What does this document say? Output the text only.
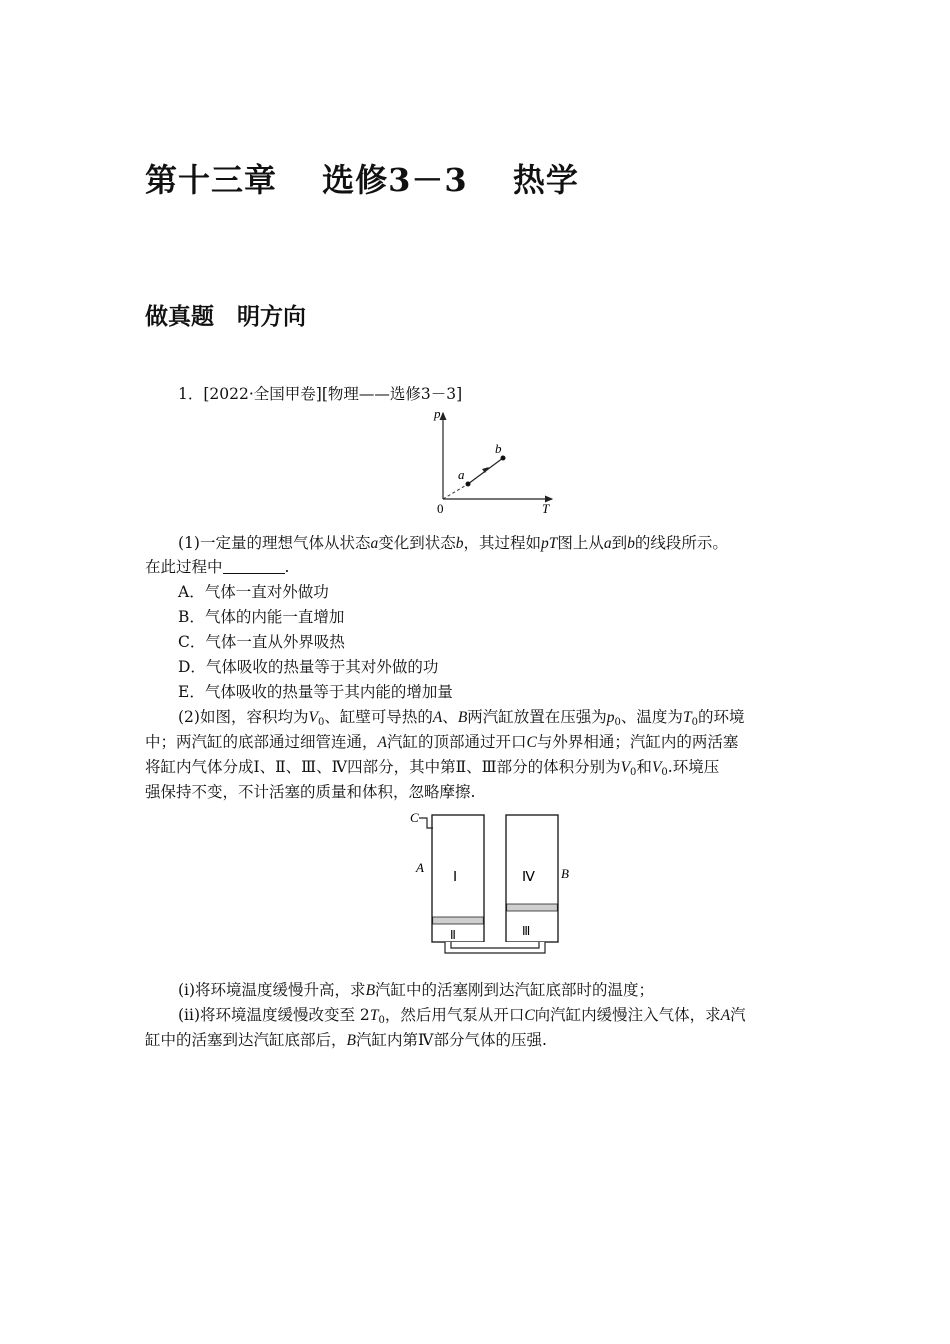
第十三章　 选修3－3　 热学
做真题　明方向
1．[2022·全国甲卷][物理——选修3－3]
p
T
0
a
b
(1)一定量的理想气体从状态a变化到状态b，其过程如pT图上从a到b的线段所示。
在此过程中	.
A．气体一直对外做功
B．气体的内能一直增加
C．气体一直从外界吸热
D．气体吸收的热量等于其对外做的功
E．气体吸收的热量等于其内能的增加量
(2)如图，容积均为$V_0$、缸壁可导热的A、B两汽缸放置在压强为$p_0$、温度为$T_0$的环境
中；两汽缸的底部通过细管连通，A汽缸的顶部通过开口C与外界相通；汽缸内的两活塞
将缸内气体分成Ⅰ、Ⅱ、Ⅲ、Ⅳ四部分，其中第Ⅱ、Ⅲ部分的体积分别为$V_0$和$V_0$.环境压
强保持不变，不计活塞的质量和体积，忽略摩擦.
C
A	B
Ⅰ
Ⅱ	Ⅲ
Ⅳ
(ⅰ)将环境温度缓慢升高，求B汽缸中的活塞刚到达汽缸底部时的温度；
(ⅱ)将环境温度缓慢改变至 $2T_0$，然后用气泵从开口C向汽缸内缓慢注入气体，求A汽
缸中的活塞到达汽缸底部后，B汽缸内第Ⅳ部分气体的压强.
